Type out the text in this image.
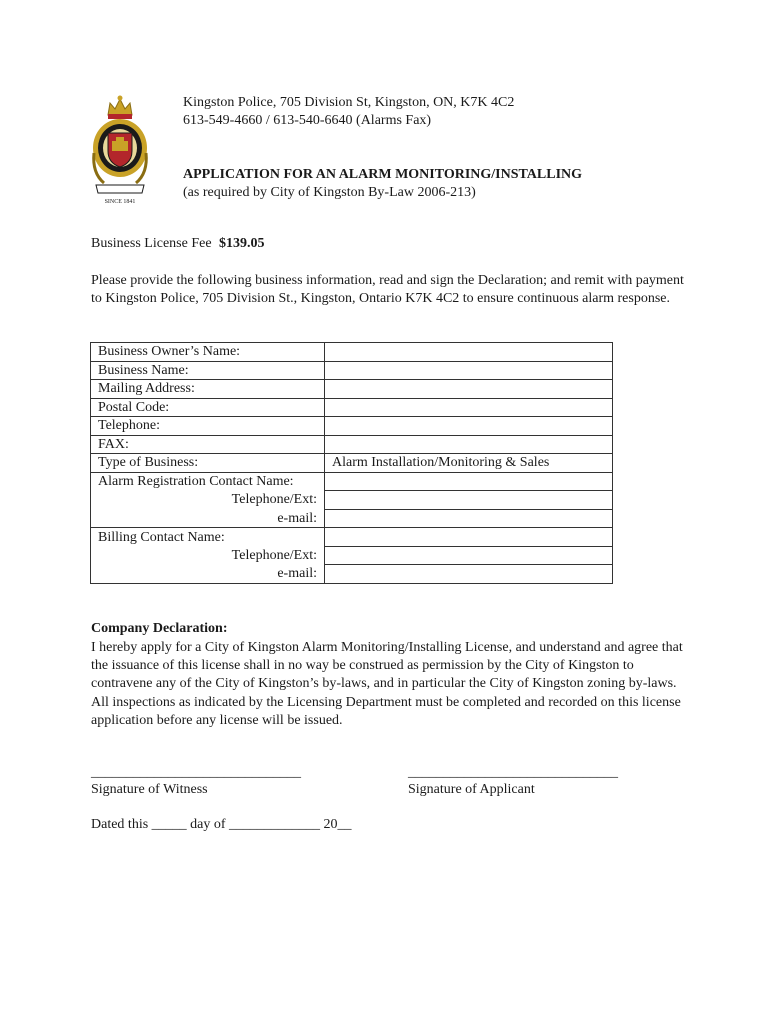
SINCE 1841
Kingston Police, 705 Division St, Kingston, ON, K7K 4C2
613-549-4660 / 613-540-6640 (Alarms Fax)
APPLICATION FOR AN ALARM MONITORING/INSTALLING
(as required by City of Kingston By-Law 2006-213)
Business License Fee $139.05
Please provide the following business information, read and sign the Declaration; and remit with payment to Kingston Police, 705 Division St., Kingston, Ontario K7K 4C2 to ensure continuous alarm response.
Business Owner’s Name:	
Business Name:	
Mailing Address:	
Postal Code:	
Telephone:	
FAX:	
Type of Business:	Alarm Installation/Monitoring & Sales
Alarm Registration Contact Name:	
Telephone/Ext:	
e-mail:	
Billing Contact Name:	
Telephone/Ext:	
e-mail:	
Company Declaration:
I hereby apply for a City of Kingston Alarm Monitoring/Installing License, and understand and agree that the issuance of this license shall in no way be construed as permission by the City of Kingston to contravene any of the City of Kingston’s by-laws, and in particular the City of Kingston zoning by-laws. All inspections as indicated by the Licensing Department must be completed and recorded on this license application before any license will be issued.
______________________________	______________________________
Signature of Witness	Signature of Applicant
Dated this _____ day of _____________ 20__
